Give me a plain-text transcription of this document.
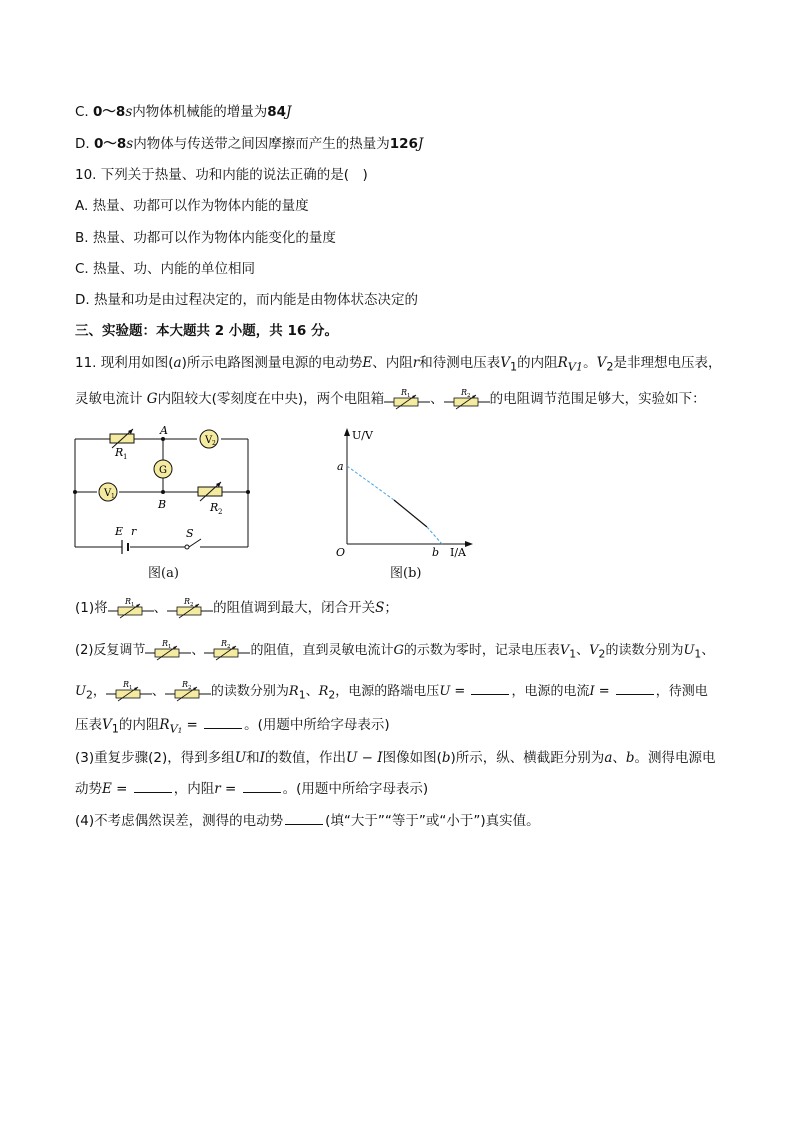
C. 0～8s内物体机械能的增量为84J
D. 0～8s内物体与传送带之间因摩擦而产生的热量为126J
10. 下列关于热量、功和内能的说法正确的是(　)
A. 热量、功都可以作为物体内能的量度
B. 热量、功都可以作为物体内能变化的量度
C. 热量、功、内能的单位相同
D. 热量和功是由过程决定的，而内能是由物体状态决定的
三、实验题：本大题共 2 小题，共 16 分。
11. 现利用如图(a)所示电路图测量电源的电动势E、内阻r和待测电压表$V_1$的内阻$R_{V1}$。$V_2$是非理想电压表，
灵敏电流计 G内阻较大(零刻度在中央)，两个电阻箱 R 1 、 R 2 的电阻调节范围足够大，实验如下：
V 2
V 1
G
A
B
R 1
R 2
E r	S
图(a)
U/V
I/A
O
a
b
图(b)
(1)将 R 1 、 R 2 的阻值调到最大，闭合开关S；
(2)反复调节 R 1 、 R 2 的阻值，直到灵敏电流计G的示数为零时，记录电压表$V_1$、$V_2$的读数分别为$U_1$、
$U_2$， R 1 、 R 2 的读数分别为$R_1$、$R_2$，电源的路端电压U =	，电源的电流I =	，待测电
压表$V_1$的内阻$R_{V_1}$ =	。(用题中所给字母表示)
(3)重复步骤(2)，得到多组U和I的数值，作出U − I图像如图(b)所示，纵、横截距分别为a、b。测得电源电
动势E =	，内阻r =	。(用题中所给字母表示)
(4)不考虑偶然误差，测得的电动势	(填“大于”“等于”或“小于”)真实值。
